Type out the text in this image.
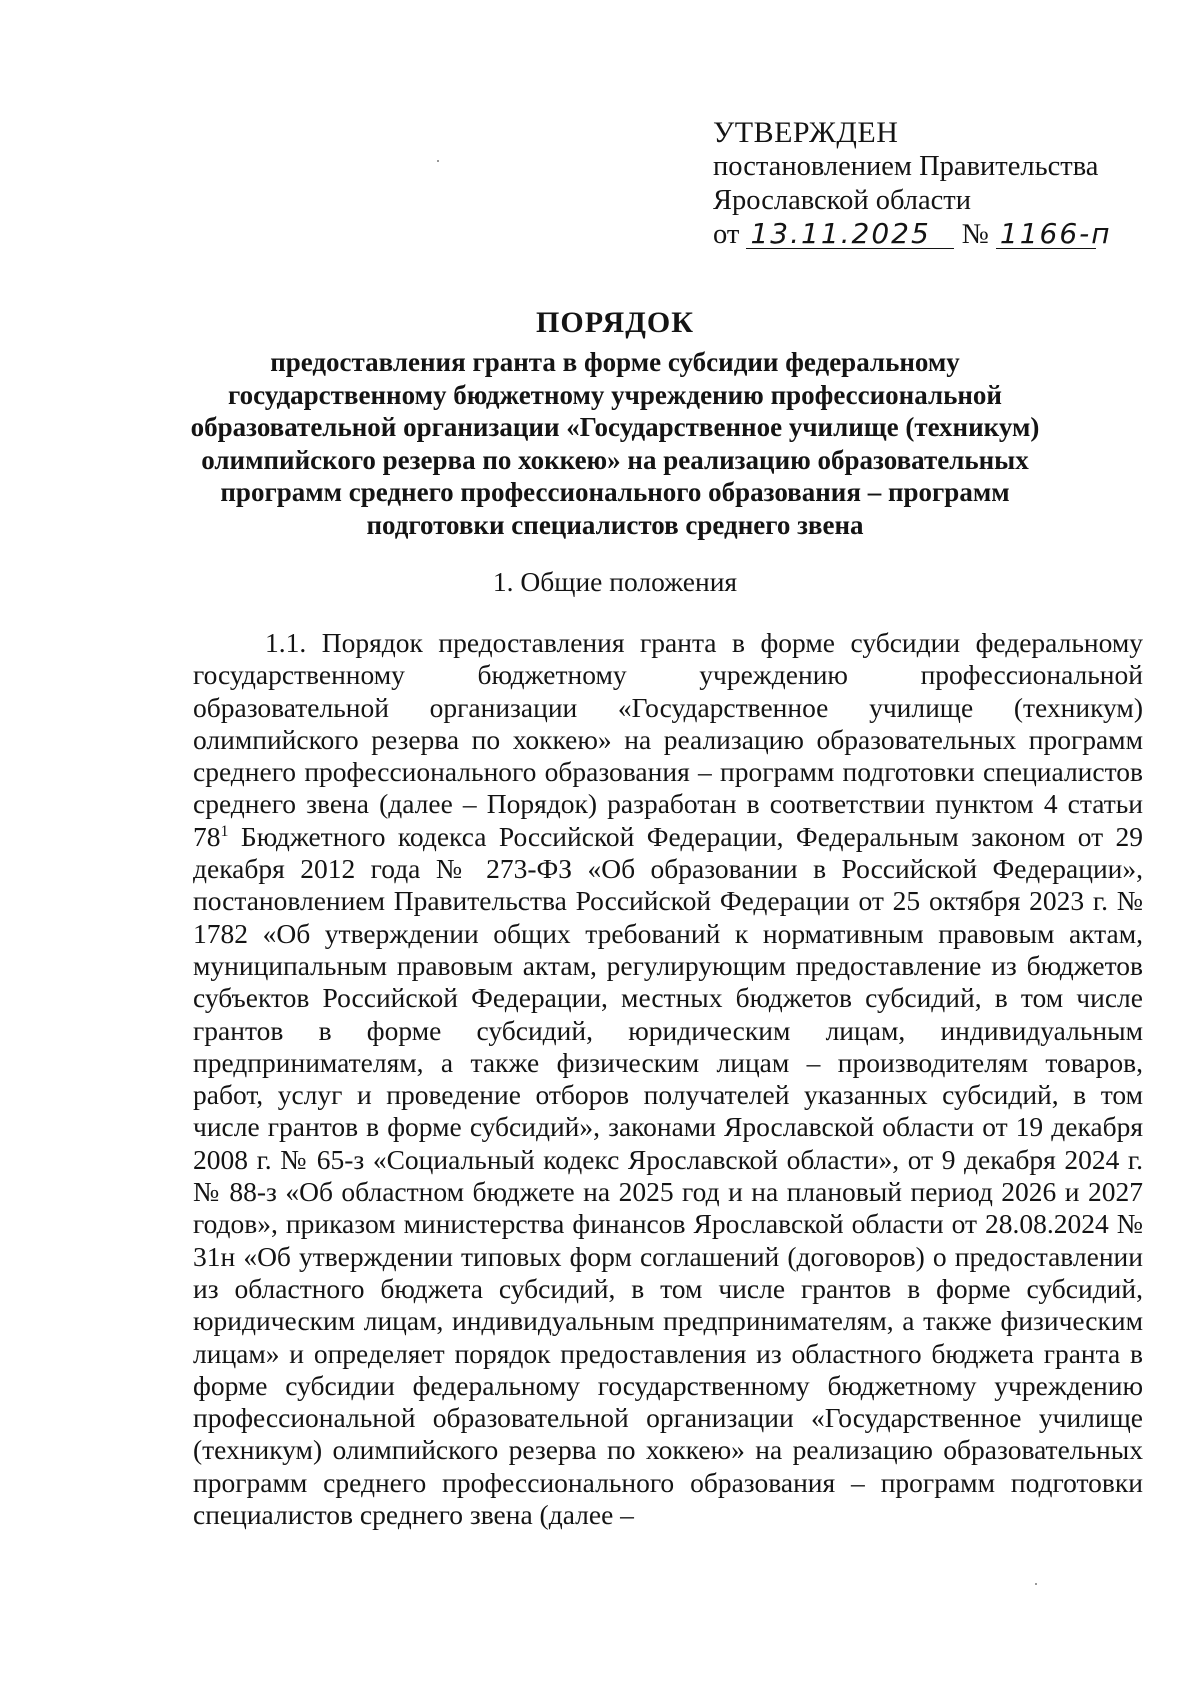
УТВЕРЖДЕН
постановлением Правительства
Ярославской области
от 13.11.2025 № 1166-п
ПОРЯДОК
предоставления гранта в форме субсидии федеральному государственному бюджетному учреждению профессиональной образовательной организации «Государственное училище (техникум) олимпийского резерва по хоккею» на реализацию образовательных программ среднего профессионального образования – программ подготовки специалистов среднего звена
1. Общие положения

1.1. Порядок предоставления гранта в форме субсидии федеральному государственному бюджетному учреждению профессиональной образовательной организации «Государственное училище (техникум) олимпийского резерва по хоккею» на реализацию образовательных программ среднего профессионального образования – программ подготовки специалистов среднего звена (далее – Порядок) разработан в соответствии пунктом 4 статьи $78^1$ Бюджетного кодекса Российской Федерации, Федеральным законом от 29 декабря 2012 года № 273-ФЗ «Об образовании в Российской Федерации», постановлением Правительства Российской Федерации от 25 октября 2023 г. № 1782 «Об утверждении общих требований к нормативным правовым актам, муниципальным правовым актам, регулирующим предоставление из бюджетов субъектов Российской Федерации, местных бюджетов субсидий, в том числе грантов в форме субсидий, юридическим лицам, индивидуальным предпринимателям, а также физическим лицам – производителям товаров, работ, услуг и проведение отборов получателей указанных субсидий, в том числе грантов в форме субсидий», законами Ярославской области от 19 декабря 2008 г. № 65-з «Социальный кодекс Ярославской области», от 9 декабря 2024 г. № 88-з «Об областном бюджете на 2025 год и на плановый период 2026 и 2027 годов», приказом министерства финансов Ярославской области от 28.08.2024 № 31н «Об утверждении типовых форм соглашений (договоров) о предоставлении из областного бюджета субсидий, в том числе грантов в форме субсидий, юридическим лицам, индивидуальным предпринимателям, а также физическим лицам» и определяет порядок предоставления из областного бюджета гранта в форме субсидии федеральному государственному бюджетному учреждению профессиональной образовательной организации «Государственное училище (техникум) олимпийского резерва по хоккею» на реализацию образовательных программ среднего профессионального образования – программ подготовки специалистов среднего звена (далее –
